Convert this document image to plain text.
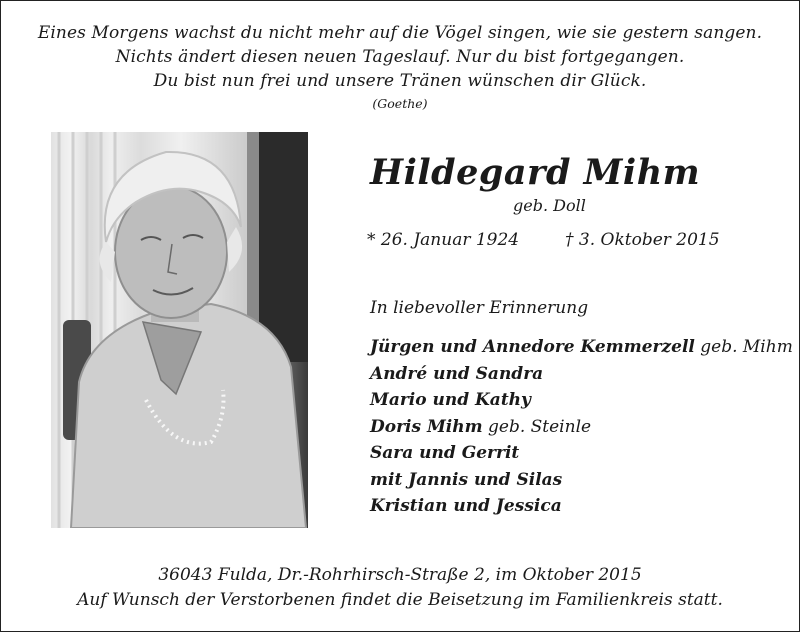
Eines Morgens wachst du nicht mehr auf die Vögel singen, wie sie gestern sangen.
Nichts ändert diesen neuen Tageslauf. Nur du bist fortgegangen.
Du bist nun frei und unsere Tränen wünschen dir Glück.
(Goethe)
Hildegard Mihm
geb. Doll
* 26. Januar 1924	† 3. Oktober 2015
In liebevoller Erinnerung
Jürgen und Annedore Kemmerzell geb. Mihm
André und Sandra
Mario und Kathy
Doris Mihm geb. Steinle
Sara und Gerrit
mit Jannis und Silas
Kristian und Jessica
36043 Fulda, Dr.-Rohrhirsch-Straße 2, im Oktober 2015
Auf Wunsch der Verstorbenen findet die Beisetzung im Familienkreis statt.
